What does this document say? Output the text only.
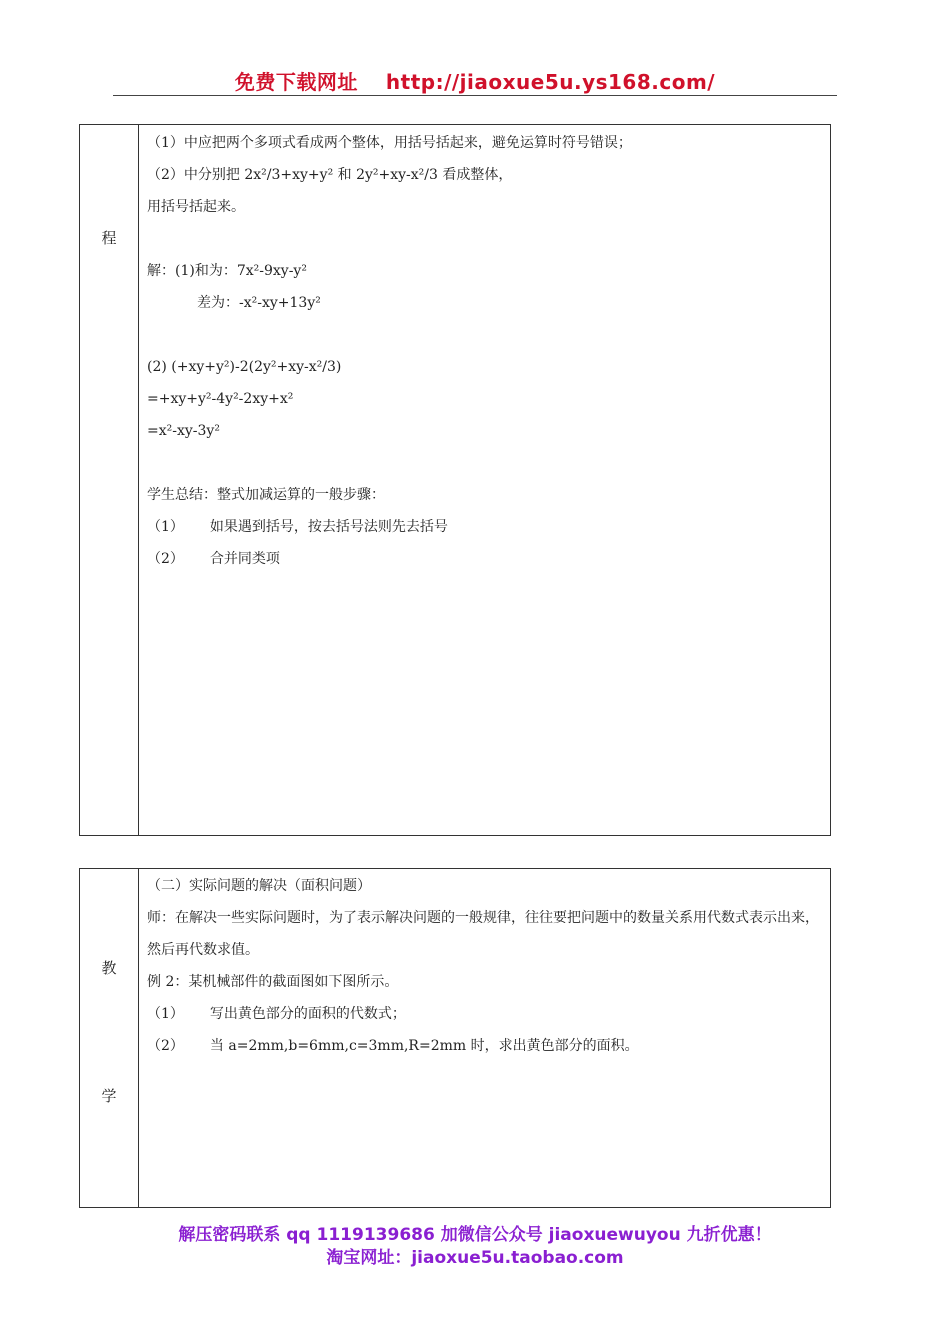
免费下载网址 http://jiaoxue5u.ys168.com/
程

（1）中应把两个多项式看成两个整体，用括号括起来，避免运算时符号错误；
（2）中分别把 2x²/3+xy+y² 和 2y²+xy-x²/3 看成整体，
用括号括起来。
解：(1)和为：7x²-9xy-y²
差为：-x²-xy+13y²
(2) (+xy+y²)-2(2y²+xy-x²/3)
=+xy+y²-4y²-2xy+x²
=x²-xy-3y²
学生总结：整式加减运算的一般步骤：
（1） 如果遇到括号，按去括号法则先去括号
（2） 合并同类项
教
学

（二）实际问题的解决（面积问题）
师：在解决一些实际问题时，为了表示解决问题的一般规律，往往要把问题中的数量关系用代数式表示出来，然后再代数求值。
例 2：某机械部件的截面图如下图所示。
（1） 写出黄色部分的面积的代数式；
（2） 当 a=2mm,b=6mm,c=3mm,R=2mm 时，求出黄色部分的面积。
解压密码联系 qq 1119139686 加微信公众号 jiaoxuewuyou 九折优惠！
淘宝网址：jiaoxue5u.taobao.com
